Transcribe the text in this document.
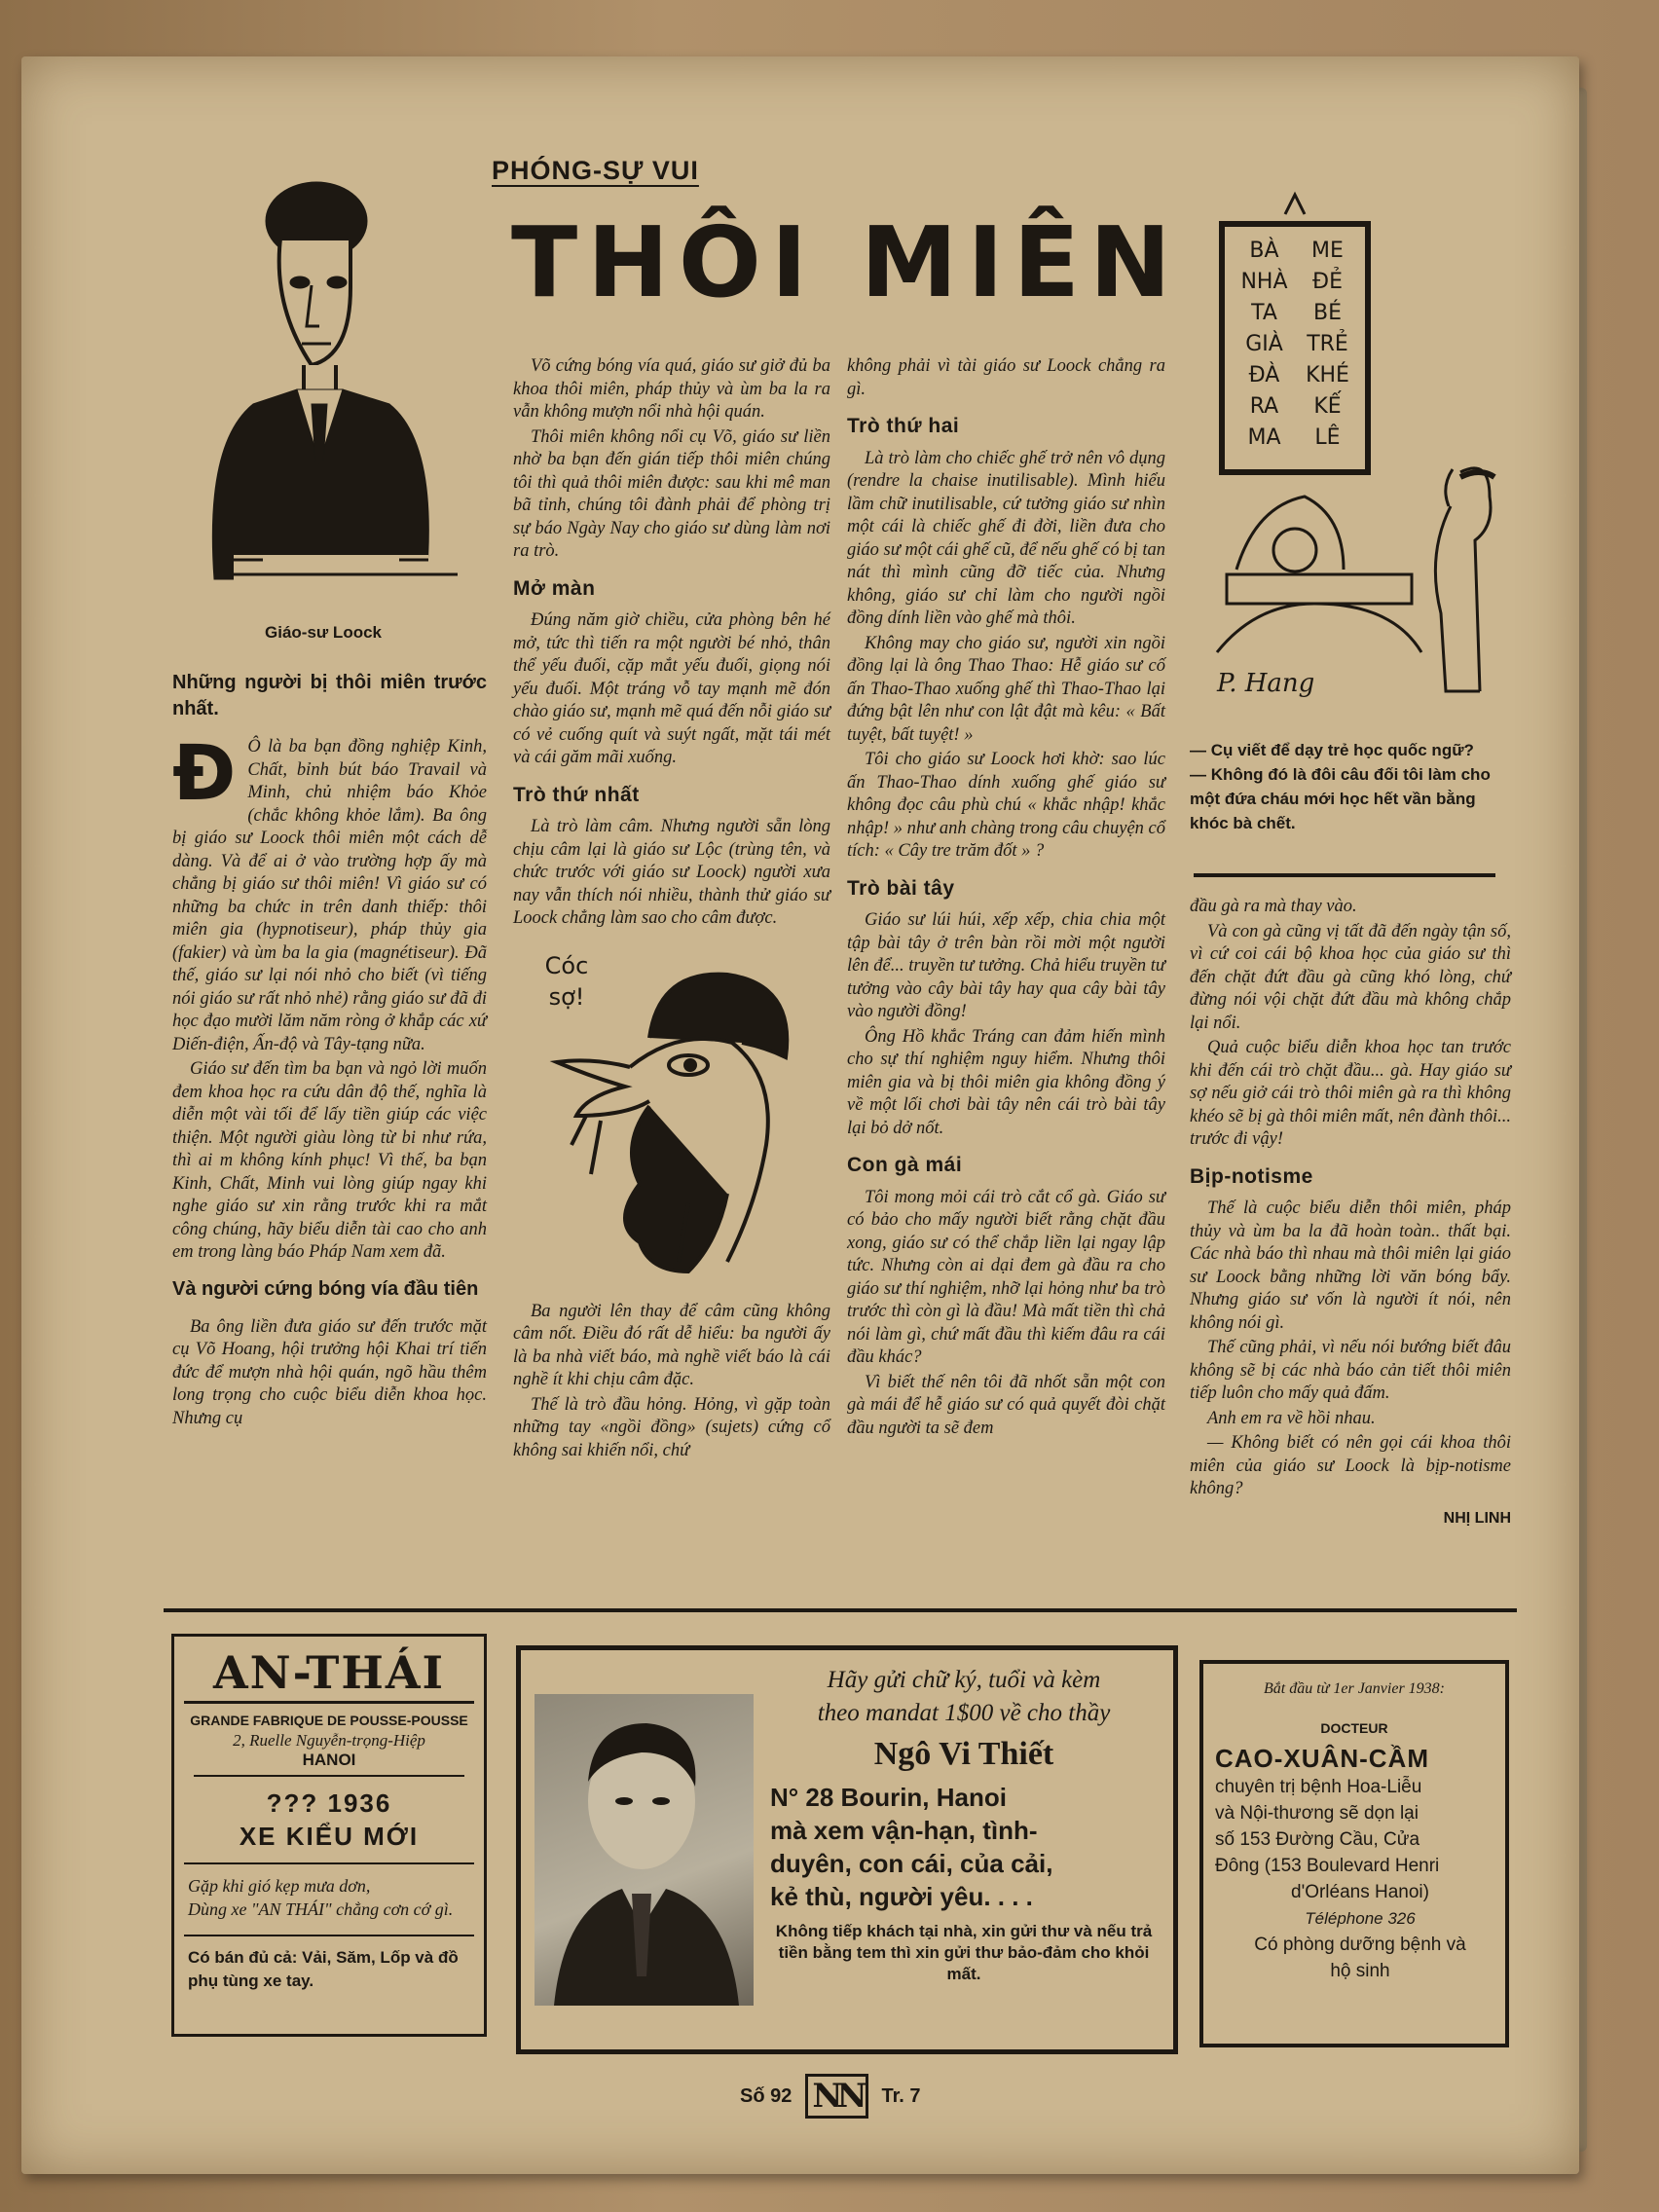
Giáo-sư Loock
PHÓNG-SỰ VUI
THÔI MIÊN
Những người bị thôi miên trước nhất.
Đ Ô là ba bạn đồng nghiệp Kinh, Chất, bỉnh bút báo Travail và Minh, chủ nhiệm báo Khỏe (chắc không khỏe lắm). Ba ông bị giáo sư Loock thôi miên một cách dễ dàng. Và để ai ở vào trường hợp ấy mà chẳng bị giáo sư thôi miên! Vì giáo sư có những ba chức in trên danh thiếp: thôi miên gia (hypnotiseur), pháp thủy gia (fakier) và ùm ba la gia (magnétiseur). Đã thế, giáo sư lại nói nhỏ cho biết (vì tiếng nói giáo sư rất nhỏ nhẻ) rằng giáo sư đã đi học đạo mười lăm năm ròng ở khắp các xứ Diến-điện, Ấn-độ và Tây-tạng nữa.

Giáo sư đến tìm ba bạn và ngỏ lời muốn đem khoa học ra cứu dân độ thế, nghĩa là diễn một vài tối để lấy tiền giúp các việc thiện. Một người giàu lòng từ bi như rứa, thì ai m không kính phục! Vì thế, ba bạn Kinh, Chất, Minh vui lòng giúp ngay khi nghe giáo sư xin rằng trước khi ra mắt công chúng, hãy biểu diễn tài cao cho anh em trong làng báo Pháp Nam xem đã.

Và người cứng bóng vía đầu tiên

Ba ông liền đưa giáo sư đến trước mặt cụ Võ Hoang, hội trưởng hội Khai trí tiến đức để mượn nhà hội quán, ngõ hầu thêm long trọng cho cuộc biểu diễn khoa học. Nhưng cụ

Võ cứng bóng vía quá, giáo sư giở đủ ba khoa thôi miên, pháp thủy và ùm ba la ra vẫn không mượn nổi nhà hội quán.

Thôi miên không nổi cụ Võ, giáo sư liền nhờ ba bạn đến gián tiếp thôi miên chúng tôi thì quả thôi miên được: sau khi mê man bã tỉnh, chúng tôi đành phải để phòng trị sự báo Ngày Nay cho giáo sư dùng làm nơi ra trò.

Mở màn

Đúng năm giờ chiều, cửa phòng bên hé mở, tức thì tiến ra một người bé nhỏ, thân thể yếu đuối, cặp mắt yếu đuối, giọng nói yếu đuối. Một tráng vỗ tay mạnh mẽ đón chào giáo sư, mạnh mẽ quá đến nỗi giáo sư có vẻ cuống quít và suýt ngất, mặt tái mét và cái găm mãi xuống.

Trò thứ nhất

Là trò làm câm. Nhưng người sẵn lòng chịu câm lại là giáo sư Lộc (trùng tên, và chức trước với giáo sư Loock) người xưa nay vẫn thích nói nhiều, thành thử giáo sư Loock chẳng làm sao cho câm được.

Cóc sợ!

Ba người lên thay để câm cũng không câm nốt. Điều đó rất dễ hiểu: ba người ấy là ba nhà viết báo, mà nghề viết báo là cái nghề ít khi chịu câm đặc.

Thế là trò đầu hỏng. Hỏng, vì gặp toàn những tay «ngồi đồng» (sujets) cứng cổ không sai khiến nổi, chứ

không phải vì tài giáo sư Loock chẳng ra gì.

Trò thứ hai

Là trò làm cho chiếc ghế trở nên vô dụng (rendre la chaise inutilisable). Mình hiểu lầm chữ inutilisable, cứ tưởng giáo sư nhìn một cái là chiếc ghế đi đời, liền đưa cho giáo sư một cái ghế cũ, để nếu ghế có bị tan nát thì mình cũng đỡ tiếc của. Nhưng không, giáo sư chỉ làm cho người ngồi đồng dính liền vào ghế mà thôi.

Không may cho giáo sư, người xin ngồi đồng lại là ông Thao Thao: Hễ giáo sư cố ấn Thao-Thao xuống ghế thì Thao-Thao lại đứng bật lên như con lật đật mà kêu: « Bất tuyệt, bất tuyệt! »

Tôi cho giáo sư Loock hơi khờ: sao lúc ấn Thao-Thao dính xuống ghế giáo sư không đọc câu phù chú « khắc nhập! khắc nhập! » như anh chàng trong câu chuyện cổ tích: « Cây tre trăm đốt » ?

Trò bài tây

Giáo sư lúi húi, xếp xếp, chia chia một tập bài tây ở trên bàn rồi mời một người lên để... truyền tư tưởng. Chả hiểu truyền tư tưởng vào cây bài tây hay qua cây bài tây vào người đồng!

Ông Hồ khắc Tráng can đảm hiến mình cho sự thí nghiệm nguy hiểm. Nhưng thôi miên gia và bị thôi miên gia không đồng ý về một lối chơi bài tây nên cái trò bài tây lại bỏ dở nốt.

Con gà mái

Tôi mong mỏi cái trò cắt cổ gà. Giáo sư có bảo cho mấy người biết rằng chặt đầu xong, giáo sư có thể chắp liền lại ngay lập tức. Nhưng còn ai dại đem gà đầu ra cho giáo sư thí nghiệm, nhỡ lại hỏng như ba trò trước thì còn gì là đầu! Mà mất tiền thì chả nói làm gì, chứ mất đầu thì kiếm đâu ra cái đầu khác?

Vì biết thế nên tôi đã nhốt sẵn một con gà mái để hễ giáo sư có quả quyết đòi chặt đầu người ta sẽ đem

P. Hang
BÀ	ME
NHÀ	ĐẺ
TA	BÉ
GIÀ	TRẺ
ĐÀ	KHÉ
RA	KẾ
MA	LÊ
— Cụ viết để dạy trẻ học quốc ngữ?
— Không đó là đôi câu đối tôi làm cho một đứa cháu mới học hết vần bằng khóc bà chết.

đầu gà ra mà thay vào.

Và con gà cũng vị tất đã đến ngày tận số, vì cứ coi cái bộ khoa học của giáo sư thì đến chặt đứt đầu gà cũng khó lòng, chứ đừng nói vội chặt đứt đầu mà không chắp lại nổi.

Quả cuộc biểu diễn khoa học tan trước khi đến cái trò chặt đầu... gà. Hay giáo sư sợ nếu giở cái trò thôi miên gà ra thì không khéo sẽ bị gà thôi miên mất, nên đành thôi... trước đi vậy!

Bịp-notisme

Thế là cuộc biểu diễn thôi miên, pháp thủy và ùm ba la đã hoàn toàn.. thất bại. Các nhà báo thì nhau mà thôi miên lại giáo sư Loock bằng những lời văn bóng bẩy. Nhưng giáo sư vốn là người ít nói, nên không nói gì.

Thế cũng phải, vì nếu nói bướng biết đâu không sẽ bị các nhà báo cản tiết thôi miên tiếp luôn cho mấy quả đấm.

Anh em ra về hồi nhau.

— Không biết có nên gọi cái khoa thôi miên của giáo sư Loock là bịp-notisme không?

NHỊ LINH
AN-THÁI
GRANDE FABRIQUE DE POUSSE-POUSSE
2, Ruelle Nguyễn-trọng-Hiệp
HANOI
??? 1936
XE KIỂU MỚI
Gặp khi gió kẹp mưa dơn,
Dùng xe "AN THÁI" chẳng cơn cớ gì.
Có bán đủ cả: Vải, Săm, Lốp và đồ phụ tùng xe tay.
Hãy gửi chữ ký, tuổi và kèm
theo mandat 1$00 về cho thầy
Ngô Vi Thiết
N° 28 Bourin, Hanoi
mà xem vận-hạn, tình-
duyên, con cái, của cải,
kẻ thù, người yêu. . . .
Không tiếp khách tại nhà, xin gửi thư và nếu trả tiền bằng tem thì xin gửi thư bảo-đảm cho khỏi mất.
Bắt đầu từ 1er Janvier 1938:
DOCTEUR
CAO-XUÂN-CẦM
chuyên trị bệnh Hoa-Liễu
và Nội-thương sẽ dọn lại
số 153 Đường Cầu, Cửa
Đông (153 Boulevard Henri
d'Orléans Hanoi)
Téléphone 326
Có phòng dưỡng bệnh và
hộ sinh
Số 92 NN	Tr. 7
